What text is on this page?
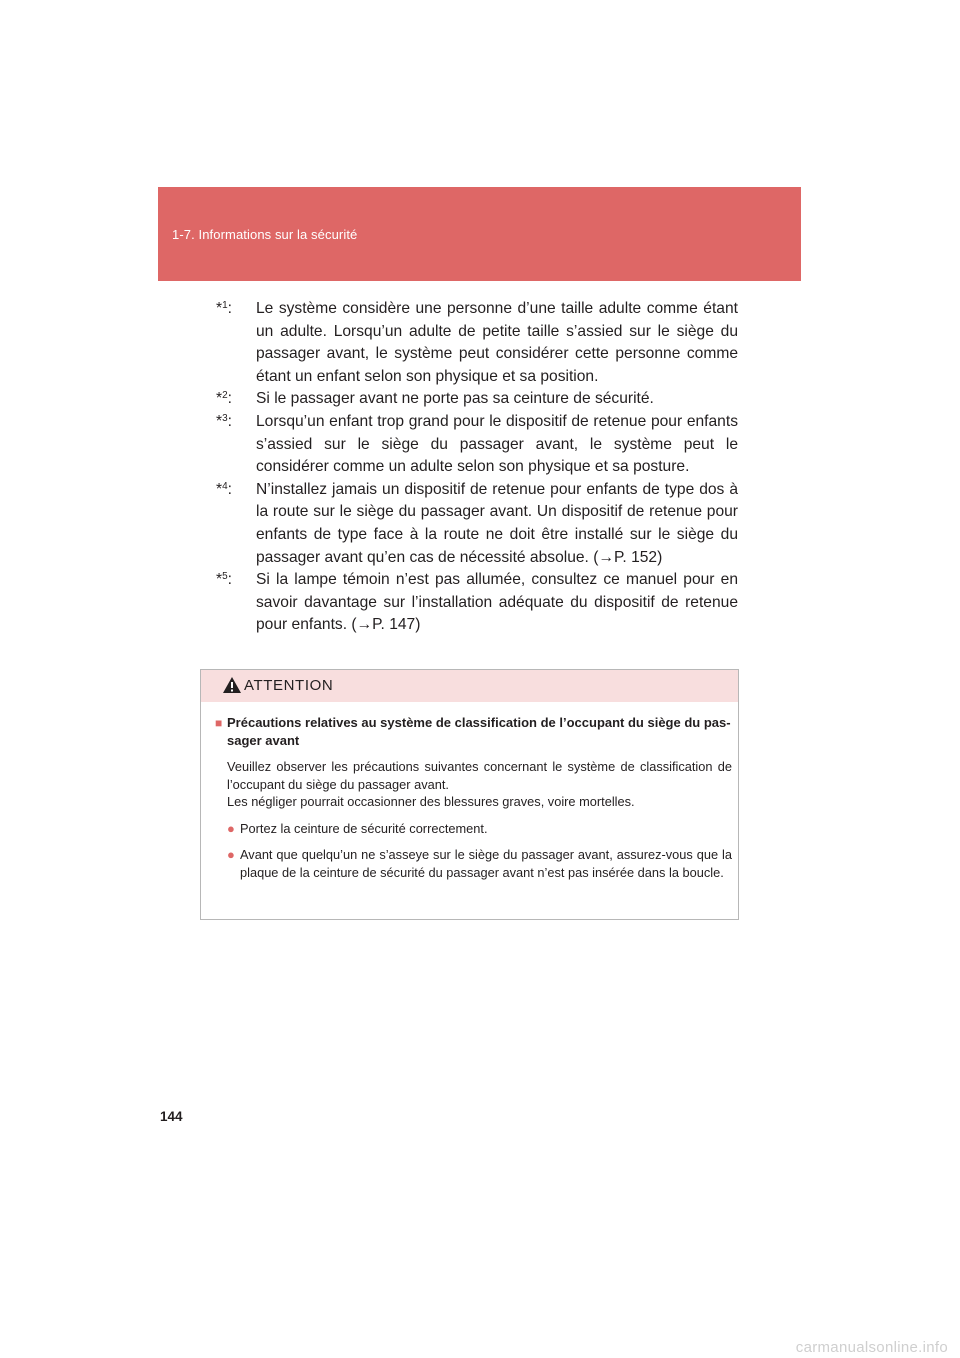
1-7. Informations sur la sécurité
*$^1$:	Le système considère une personne d’une taille adulte comme étant un adulte. Lorsqu’un adulte de petite taille s’assied sur le siège du passager avant, le système peut considérer cette personne comme étant un enfant selon son physique et sa position.
*$^2$:	Si le passager avant ne porte pas sa ceinture de sécurité.
*$^3$:	Lorsqu’un enfant trop grand pour le dispositif de retenue pour enfants s’assied sur le siège du passager avant, le système peut le considérer comme un adulte selon son physique et sa posture.
*$^4$:	N’installez jamais un dispositif de retenue pour enfants de type dos à la route sur le siège du passager avant. Un dispositif de retenue pour enfants de type face à la route ne doit être installé sur le siège du passager avant qu’en cas de nécessité absolue. (→P. 152)
*$^5$:	Si la lampe témoin n’est pas allumée, consultez ce manuel pour en savoir davantage sur l’installation adéquate du dispositif de retenue pour enfants. (→P. 147)
ATTENTION
■ Précautions relatives au système de classification de l’occupant du siège du pas-sager avant
Veuillez observer les précautions suivantes concernant le système de classification de l’occupant du siège du passager avant.
Les négliger pourrait occasionner des blessures graves, voire mortelles.
● Portez la ceinture de sécurité correctement.
● Avant que quelqu’un ne s’asseye sur le siège du passager avant, assurez-vous que la plaque de la ceinture de sécurité du passager avant n’est pas insérée dans la boucle.
144
carmanualsonline.info
